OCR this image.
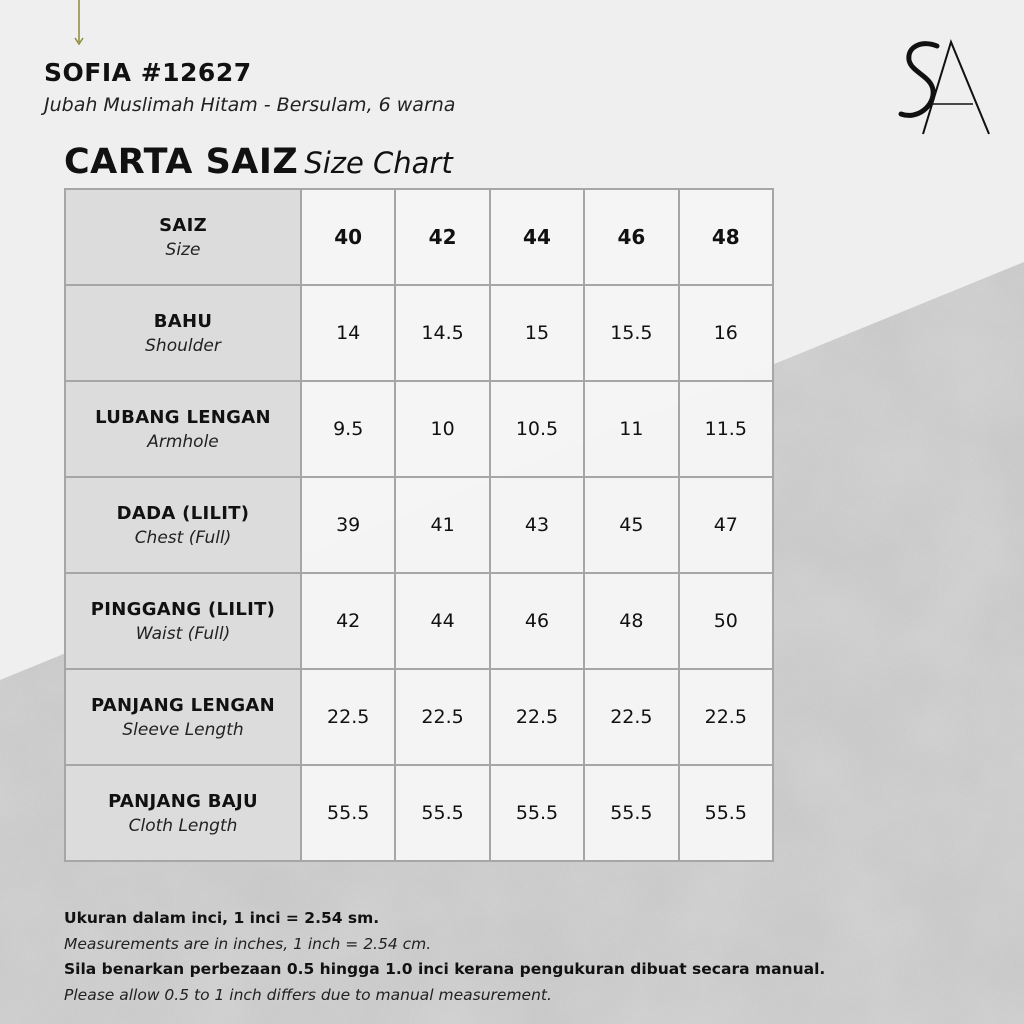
SOFIA #12627
Jubah Muslimah Hitam - Bersulam, 6 warna
CARTA SAIZ Size Chart
SAIZ
Size	40	42	44	46	48

BAHU
Shoulder	14	14.5	15	15.5	16

LUBANG LENGAN
Armhole	9.5	10	10.5	11	11.5

DADA (LILIT)
Chest (Full)	39	41	43	45	47

PINGGANG (LILIT)
Waist (Full)	42	44	46	48	50

PANJANG LENGAN
Sleeve Length	22.5	22.5	22.5	22.5	22.5

PANJANG BAJU
Cloth Length	55.5	55.5	55.5	55.5	55.5
Ukuran dalam inci, 1 inci = 2.54 sm.
Measurements are in inches, 1 inch = 2.54 cm.
Sila benarkan perbezaan 0.5 hingga 1.0 inci kerana pengukuran dibuat secara manual.
Please allow 0.5 to 1 inch differs due to manual measurement.
